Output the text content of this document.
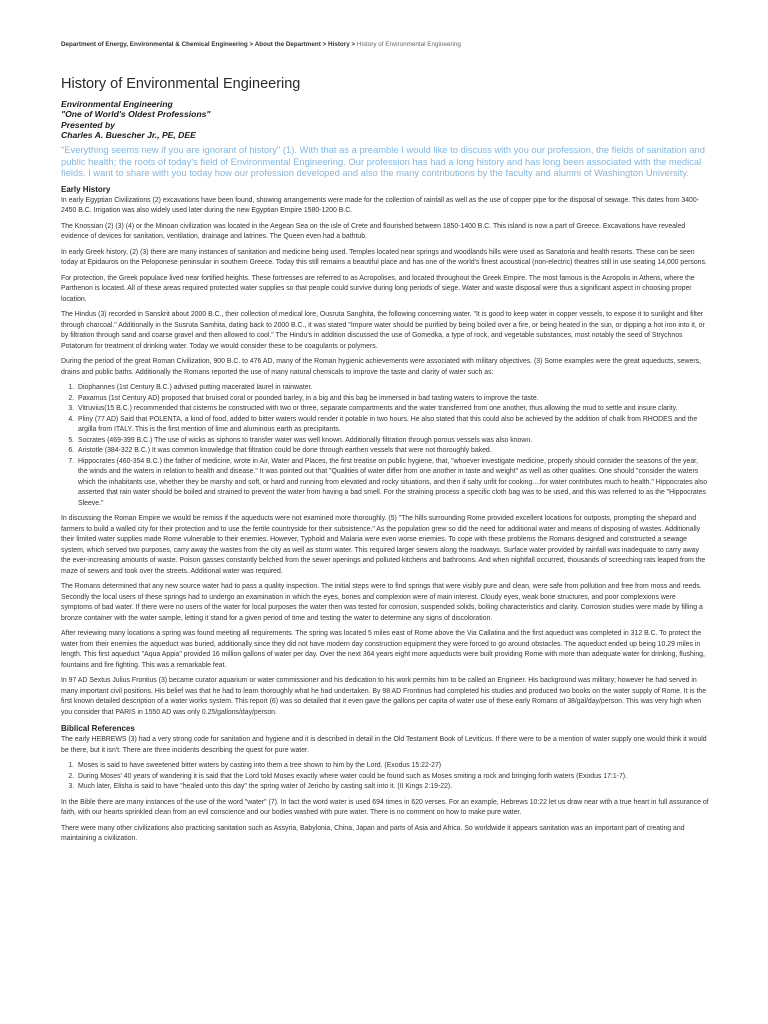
Department of Energy, Environmental & Chemical Engineering > About the Department > History > History of Environmental Engineering
History of Environmental Engineering
Environmental Engineering
"One of World's Oldest Professions"
Presented by
Charles A. Buescher Jr., PE, DEE

"Everything seems new if you are ignorant of history" (1). With that as a preamble I would like to discuss with you our profession, the fields of sanitation and public health; the roots of today's field of Environmental Engineering. Our profession has had a long history and has long been associated with the medical fields. I want to share with you today how our profession developed and also the many contributions by the faculty and alumni of Washington University.

Early History

In early Egyptian Civilizations (2) excavations have been found, showing arrangements were made for the collection of rainfall as well as the use of copper pipe for the disposal of sewage. This dates from 3400-2450 B.C. Irrigation was also widely used later during the new Egyptian Empire 1580-1200 B.C.

The Knossian (2) (3) (4) or the Minoan civilization was located in the Aegean Sea on the isle of Crete and flourished between 1850-1400 B.C. This island is now a part of Greece. Excavations have revealed evidence of devices for sanitation, ventilation, drainage and latrines. The Queen even had a bathtub.

In early Greek history, (2) (3) there are many instances of sanitation and medicine being used. Temples located near springs and woodlands hills were used as Sanatoria and health resorts. These can be seen today at Epidauros on the Peloponese peninsular in southern Greece. Today this still remains a beautiful place and has one of the world's finest acoustical (non-electric) theatres still in use seating 14,000 persons.

For protection, the Greek populace lived near fortified heights. These fortresses are referred to as Acropolises, and located throughout the Greek Empire. The most famous is the Acropolis in Athens, where the Parthenon is located. All of these areas required protected water supplies so that people could survive during long periods of siege. Water and waste disposal were thus a significant aspect in choosing proper location.

The Hindus (3) recorded in Sanskrit about 2000 B.C., their collection of medical lore, Ousruta Sanghita, the following concerning water. "It is good to keep water in copper vessels, to expose it to sunlight and filter through charcoal." Additionally in the Susruta Samhita, dating back to 2000 B.C., it was stated "Impure water should be purified by being boiled over a fire, or being heated in the sun, or dipping a hot iron into it, or by filtration through sand and coarse gravel and then allowed to cool." The Hindu's in addition discussed the use of Gomedka, a type of rock, and vegetable substances, most notably the seed of Strychnos Potatorum for treatment of drinking water. Today we would consider these to be coagulants or polymers.

During the period of the great Roman Civilization, 900 B.C. to 476 AD, many of the Roman hygienic achievements were associated with military objectives. (3) Some examples were the great aqueducts, sewers, drains and public baths. Additionally the Romans reported the use of many natural chemicals to improve the taste and clarity of water such as:

1. Diophannes (1st Century B.C.) advised putting macerated laurel in rainwater.
2. Paxamus (1st Century AD) proposed that bruised coral or pounded barley, in a big and this bag be immersed in bad tasting waters to improve the taste.
3. Vitruvius(15 B.C.) recommended that cisterns be constructed with two or three, separate compartments and the water transferred from one another, thus allowing the mud to settle and insure clarity.
4. Pliny (77 AD) Said that POLENTA, a kind of food, added to bitter waters would render it potable in two hours. He also stated that this could also be achieved by the addition of chalk from RHODES and the argilla from ITALY. This is the first mention of lime and aluminous earth as precipitants.
5. Socrates (469-399 B.C.) The use of wicks as siphons to transfer water was well known. Additionally filtration through porous vessels was also known.
6. Aristotle (384-322 B.C.) It was common knowledge that filtration could be done through earthen vessels that were not thoroughly baked.
7. Hippocrates (460-354 B.C.) the father of medicine, wrote in Air, Water and Places, the first treatise on public hygiene, that, "whoever investigate medicine, properly should consider the seasons of the year, the winds and the waters in relation to health and disease." It was pointed out that "Qualities of water differ from one another in taste and weight" as well as other qualities. One should "consider the waters which the inhabitants use, whether they be marshy and soft, or hard and running from elevated and rocky situations, and then if salty unfit for cooking....for water contributes much to health." Hippocrates also asserted that rain water should be boiled and strained to prevent the water from having a bad smell. For the straining process a specific cloth bag was to be used, and this was referred to as the "Hippocrates Sleeve."

In discussing the Roman Empire we would be remiss if the aqueducts were not examined more thoroughly. (5) "The hills surrounding Rome provided excellent locations for outposts, prompting the shepard and farmers to build a walled city for their protection and to use the fertile countryside for their subsistence." As the population grew so did the need for additional water and means of disposing of wastes. Additionally their limited water supplies made Rome vulnerable to their enemies. However, Typhoid and Malaria were even worse enemies. To cope with these problems the Romans designed and constructed a sewage system, which served two purposes, carry away the wastes from the city as well as storm water. This required larger sewers along the roadways. Surface water provided by rainfall was inadequate to carry away the ever-increasing amounts of waste. Poison gasses constantly belched from the sewer openings and polluted kitchens and bathrooms. And when nightfall occurred, thousands of screeching rats leaped from the maze of sewers and took over the streets. Additional water was required.

The Romans determined that any new source water had to pass a quality inspection. The initial steps were to find springs that were visibly pure and clean, were safe from pollution and free from moss and reeds. Secondly the local users of these springs had to undergo an examination in which the eyes, bones and complexion were of main interest. Cloudy eyes, weak bone structures, and poor complexions were symptoms of bad water. If there were no users of the water for local purposes the water then was tested for corrosion, suspended solids, boiling characteristics and clarity. Corrosion studies were made by filling a bronze container with the water sample, letting it stand for a given period of time and testing the water to determine any signs of discoloration.

After reviewing many locations a spring was found meeting all requirements. The spring was located 5 miles east of Rome above the Via Callatina and the first aqueduct was completed in 312 B.C. To protect the water from their enemies the aqueduct was buried, additionally since they did not have modern day construction equipment they were forced to go around obstacles. The aqueduct ended up being 10.29 miles in length. This first aqueduct "Aqua Appia" provided 16 million gallons of water per day. Over the next 364 years eight more aqueducts were built providing Rome with more than adequate water for drinking, flushing, fountains and fire fighting. This was a remarkable feat.

In 97 AD Sextus Julius Frontius (3) became curator aquarium or water commissioner and his dedication to his work permits him to be called an Engineer. His background was military; however he had served in many important civil positions. His belief was that he had to learn thoroughly what he had undertaken. By 98 AD Frontinus had completed his studies and produced two books on the water supply of Rome. It is the first known detailed description of a water works system. This report (6) was so detailed that it even gave the gallons per capita of water use of these early Romans of 38/gal/day/person. This was very high when you consider that PARIS in 1550 AD was only 0.25/gallons/day/person.

Biblical References

The early HEBREWS (3) had a very strong code for sanitation and hygiene and it is described in detail in the Old Testament Book of Leviticus. If there were to be a mention of water supply one would think it would be there, but it isn't. There are three incidents describing the quest for pure water.

1. Moses is said to have sweetened bitter waters by casting into them a tree shown to him by the Lord. (Exodus 15:22-27)
2. During Moses' 40 years of wandering it is said that the Lord told Moses exactly where water could be found such as Moses smiting a rock and bringing forth waters (Exodus 17:1-7).
3. Much later, Elisha is said to have "healed unto this day" the spring water of Jericho by casting salt into it. (II Kings 2:19-22).

In the Bible there are many instances of the use of the word "water" (7). In fact the word water is used 694 times in 620 verses. For an example, Hebrews 10:22 let us draw near with a true heart in full assurance of faith, with our hearts sprinkled clean from an evil conscience and our bodies washed with pure water. There is no comment on how to make pure water.

There were many other civilizations also practicing sanitation such as Assyria, Babylonia, China, Japan and parts of Asia and Africa. So worldwide it appears sanitation was an important part of creating and maintaining a civilization.
